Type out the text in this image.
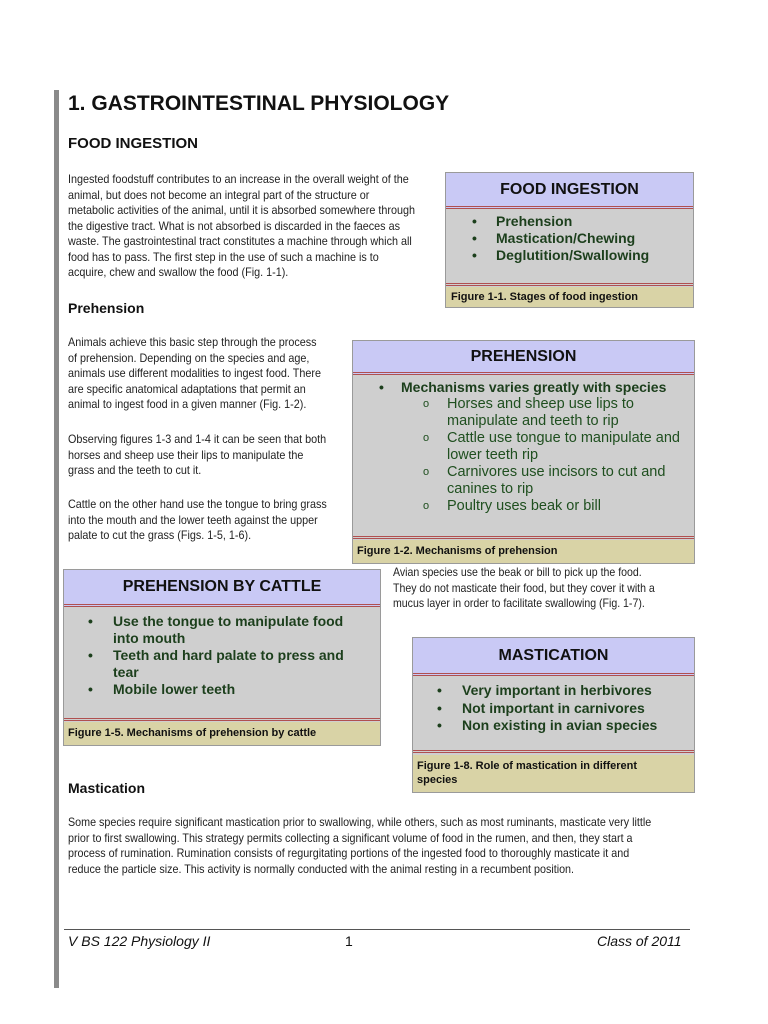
1. GASTROINTESTINAL PHYSIOLOGY
FOOD INGESTION

Ingested foodstuff contributes to an increase in the overall weight of the
animal, but does not become an integral part of the structure or
metabolic activities of the animal, until it is absorbed somewhere through
the digestive tract. What is not absorbed is discarded in the faeces as
waste. The gastrointestinal tract constitutes a machine through which all
food has to pass. The first step in the use of such a machine is to
acquire, chew and swallow the food (Fig. 1-1).

FOOD INGESTION
•	Prehension
•	Mastication/Chewing
•	Deglutition/Swallowing
Figure 1-1. Stages of food ingestion
Prehension

Animals achieve this basic step through the process
of prehension. Depending on the species and age,
animals use different modalities to ingest food. There
are specific anatomical adaptations that permit an
animal to ingest food in a given manner (Fig. 1-2).

Observing figures 1-3 and 1-4 it can be seen that both
horses and sheep use their lips to manipulate the
grass and the teeth to cut it.

Cattle on the other hand use the tongue to bring grass
into the mouth and the lower teeth against the upper
palate to cut the grass (Figs. 1-5, 1-6).

PREHENSION
•	Mechanisms varies greatly with species
o	Horses and sheep use lips to
manipulate and teeth to rip
o	Cattle use tongue to manipulate and
lower teeth rip
o	Carnivores use incisors to cut and
canines to rip
o	Poultry uses beak or bill
Figure 1-2. Mechanisms of prehension

Avian species use the beak or bill to pick up the food.
They do not masticate their food, but they cover it with a
mucus layer in order to facilitate swallowing (Fig. 1-7).

PREHENSION BY CATTLE
•	Use the tongue to manipulate food
into mouth
•	Teeth and hard palate to press and
tear
•	Mobile lower teeth
Figure 1-5. Mechanisms of prehension by cattle
MASTICATION
•	Very important in herbivores
•	Not important in carnivores
•	Non existing in avian species
Figure 1-8. Role of mastication in different
species
Mastication

Some species require significant mastication prior to swallowing, while others, such as most ruminants, masticate very little
prior to first swallowing. This strategy permits collecting a significant volume of food in the rumen, and then, they start a
process of rumination. Rumination consists of regurgitating portions of the ingested food to thoroughly masticate it and
reduce the particle size. This activity is normally conducted with the animal resting in a recumbent position.

V BS 122 Physiology II	1	Class of 2011
